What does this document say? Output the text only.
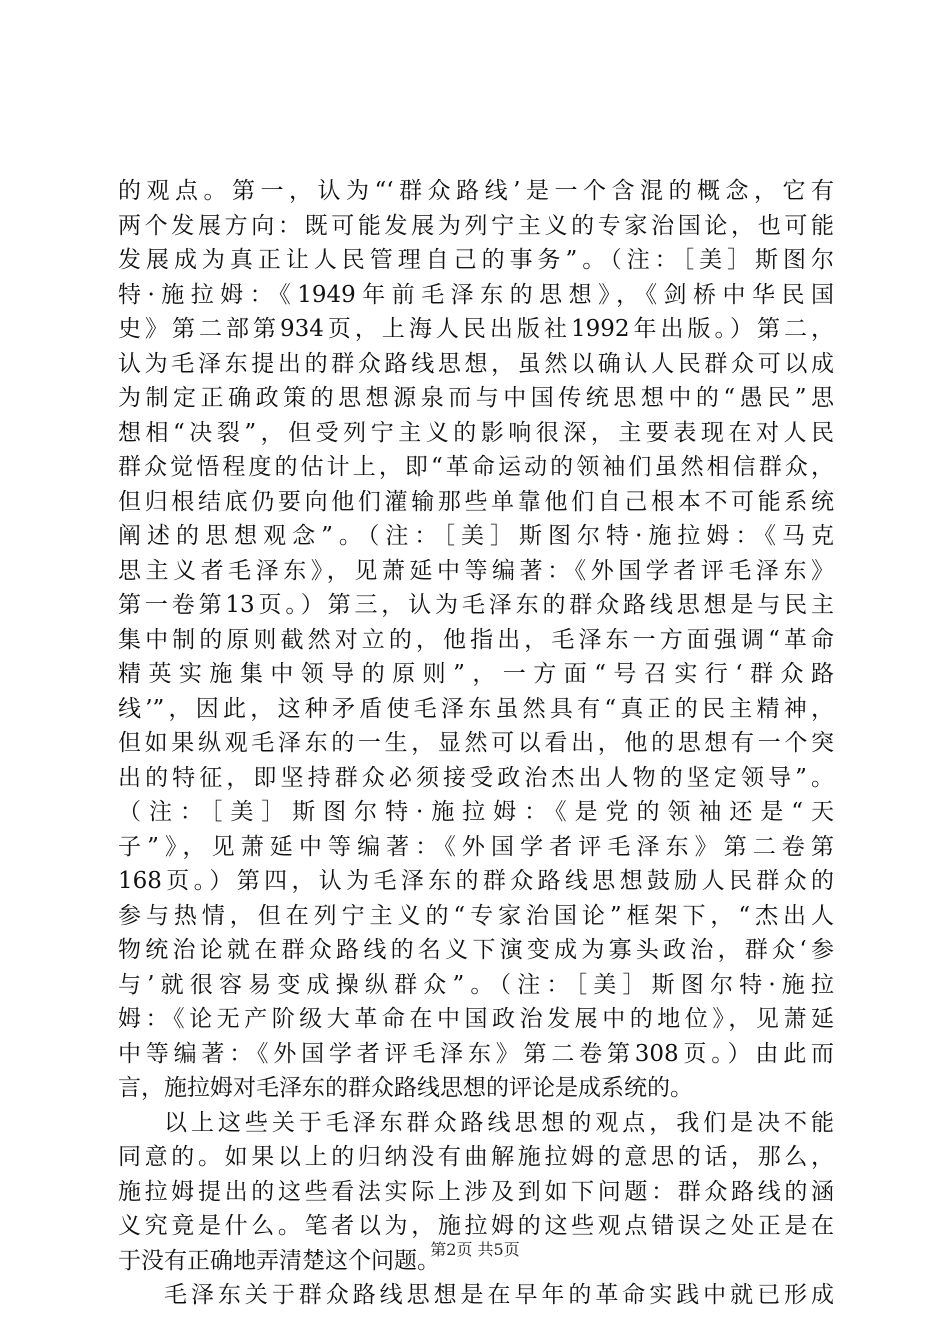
的观点。第一，认为“‘群众路线’是一个含混的概念，它有
两个发展方向：既可能发展为列宁主义的专家治国论，也可能
发展成为真正让人民管理自己的事务”。（注：［美］斯图尔
特·施拉姆：《1949年前毛泽东的思想》，《剑桥中华民国
史》第二部第934页，上海人民出版社1992年出版。）第二，
认为毛泽东提出的群众路线思想，虽然以确认人民群众可以成
为制定正确政策的思想源泉而与中国传统思想中的“愚民”思
想相“决裂”，但受列宁主义的影响很深，主要表现在对人民
群众觉悟程度的估计上，即“革命运动的领袖们虽然相信群众，
但归根结底仍要向他们灌输那些单靠他们自己根本不可能系统
阐述的思想观念”。（注：［美］斯图尔特·施拉姆：《马克
思主义者毛泽东》，见萧延中等编著：《外国学者评毛泽东》
第一卷第13页。）第三，认为毛泽东的群众路线思想是与民主
集中制的原则截然对立的，他指出，毛泽东一方面强调“革命
精英实施集中领导的原则”，一方面“号召实行‘群众路
线’”，因此，这种矛盾使毛泽东虽然具有“真正的民主精神，
但如果纵观毛泽东的一生，显然可以看出，他的思想有一个突
出的特征，即坚持群众必须接受政治杰出人物的坚定领导”。
（注：［美］斯图尔特·施拉姆：《是党的领袖还是“天
子”》，见萧延中等编著：《外国学者评毛泽东》第二卷第
168页。）第四，认为毛泽东的群众路线思想鼓励人民群众的
参与热情，但在列宁主义的“专家治国论”框架下，“杰出人
物统治论就在群众路线的名义下演变成为寡头政治，群众‘参
与’就很容易变成操纵群众”。（注：［美］斯图尔特·施拉
姆：《论无产阶级大革命在中国政治发展中的地位》，见萧延
中等编著：《外国学者评毛泽东》第二卷第308页。）由此而
言，施拉姆对毛泽东的群众路线思想的评论是成系统的。
以上这些关于毛泽东群众路线思想的观点，我们是决不能
同意的。如果以上的归纳没有曲解施拉姆的意思的话，那么，
施拉姆提出的这些看法实际上涉及到如下问题：群众路线的涵
义究竟是什么。笔者以为，施拉姆的这些观点错误之处正是在
于没有正确地弄清楚这个问题。
毛泽东关于群众路线思想是在早年的革命实践中就已形成
第2页 共5页
